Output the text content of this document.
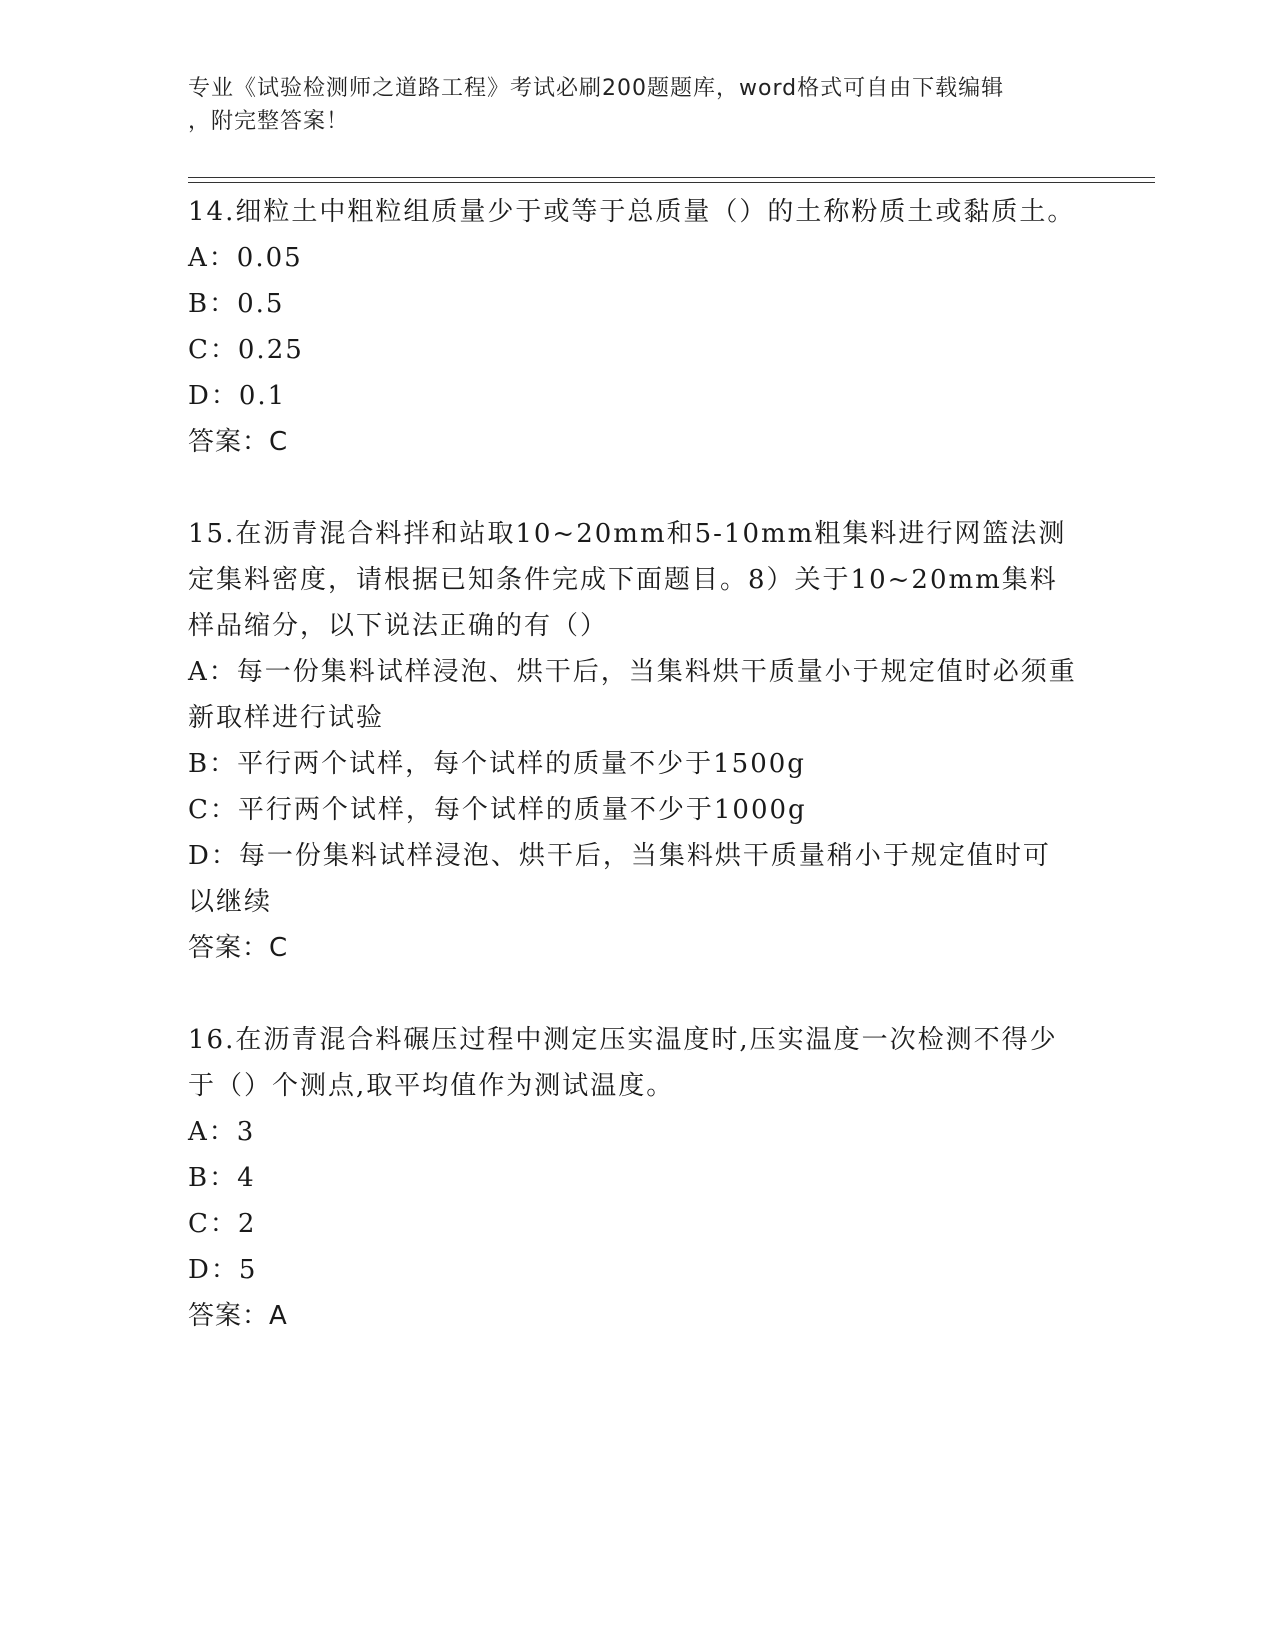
专业《试验检测师之道路工程》考试必刷200题题库，word格式可自由下载编辑
，附完整答案！

14.细粒土中粗粒组质量少于或等于总质量（）的土称粉质土或黏质土。

A：0.05

B：0.5

C：0.25

D：0.1

答案：C

15.在沥青混合料拌和站取10~20mm和5-10mm粗集料进行网篮法测定集料密度，请根据已知条件完成下面题目。8）关于10~20mm集料样品缩分，以下说法正确的有（）

A：每一份集料试样浸泡、烘干后，当集料烘干质量小于规定值时必须重新取样进行试验

B：平行两个试样，每个试样的质量不少于1500g

C：平行两个试样，每个试样的质量不少于1000g

D：每一份集料试样浸泡、烘干后，当集料烘干质量稍小于规定值时可以继续

答案：C

16.在沥青混合料碾压过程中测定压实温度时,压实温度一次检测不得少于（）个测点,取平均值作为测试温度。

A：3

B：4

C：2

D：5

答案：A
